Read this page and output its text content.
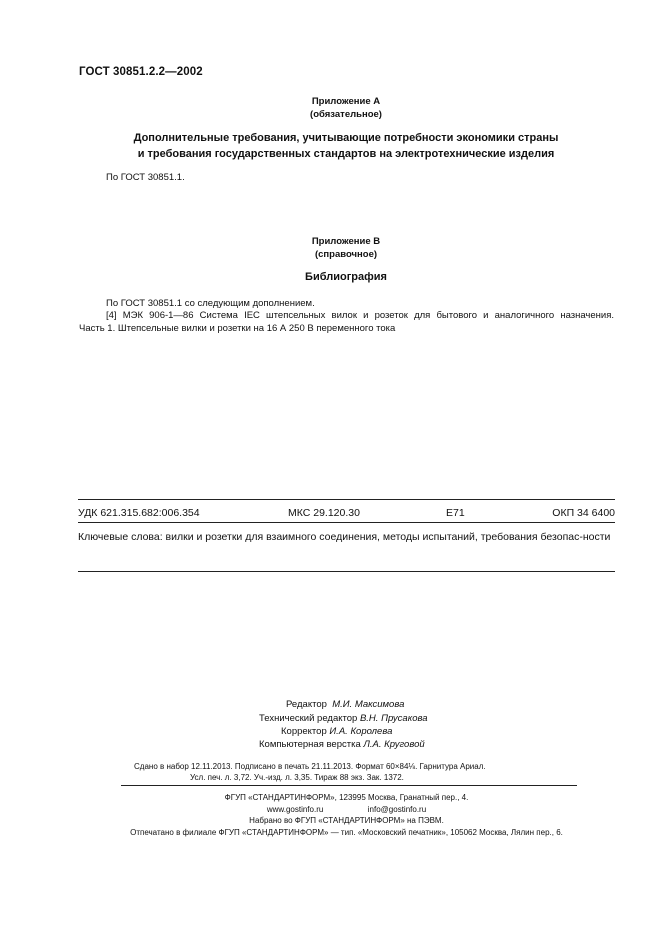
ГОСТ 30851.2.2—2002
Приложение А
(обязательное)
Дополнительные требования, учитывающие потребности экономики страны
и требования государственных стандартов на электротехнические изделия
По ГОСТ 30851.1.
Приложение В
(справочное)
Библиография
По ГОСТ 30851.1 со следующим дополнением.
[4] МЭК 906-1—86 Система IEC штепсельных вилок и розеток для бытового и аналогичного назначения.
Часть 1. Штепсельные вилки и розетки на 16 А 250 В переменного тока
УДК 621.315.682:006.354	МКС 29.120.30	Е71	ОКП 34 6400
Ключевые слова: вилки и розетки для взаимного соединения, методы испытаний, требования безопас-ности
Редактор М.И. Максимова
Технический редактор В.Н. Прусакова
Корректор И.А. Королева
Компьютерная верстка Л.А. Круговой
Сдано в набор 12.11.2013. Подписано в печать 21.11.2013. Формат 60×84⅛. Гарнитура Ариал.
Усл. печ. л. 3,72. Уч.-изд. л. 3,35. Тираж 88 экз. Зак. 1372.
ФГУП «СТАНДАРТИНФОРМ», 123995 Москва, Гранатный пер., 4.
www.gostinfo.ru	info@gostinfo.ru
Набрано во ФГУП «СТАНДАРТИНФОРМ» на ПЭВМ.
Отпечатано в филиале ФГУП «СТАНДАРТИНФОРМ» — тип. «Московский печатник», 105062 Москва, Лялин пер., 6.
